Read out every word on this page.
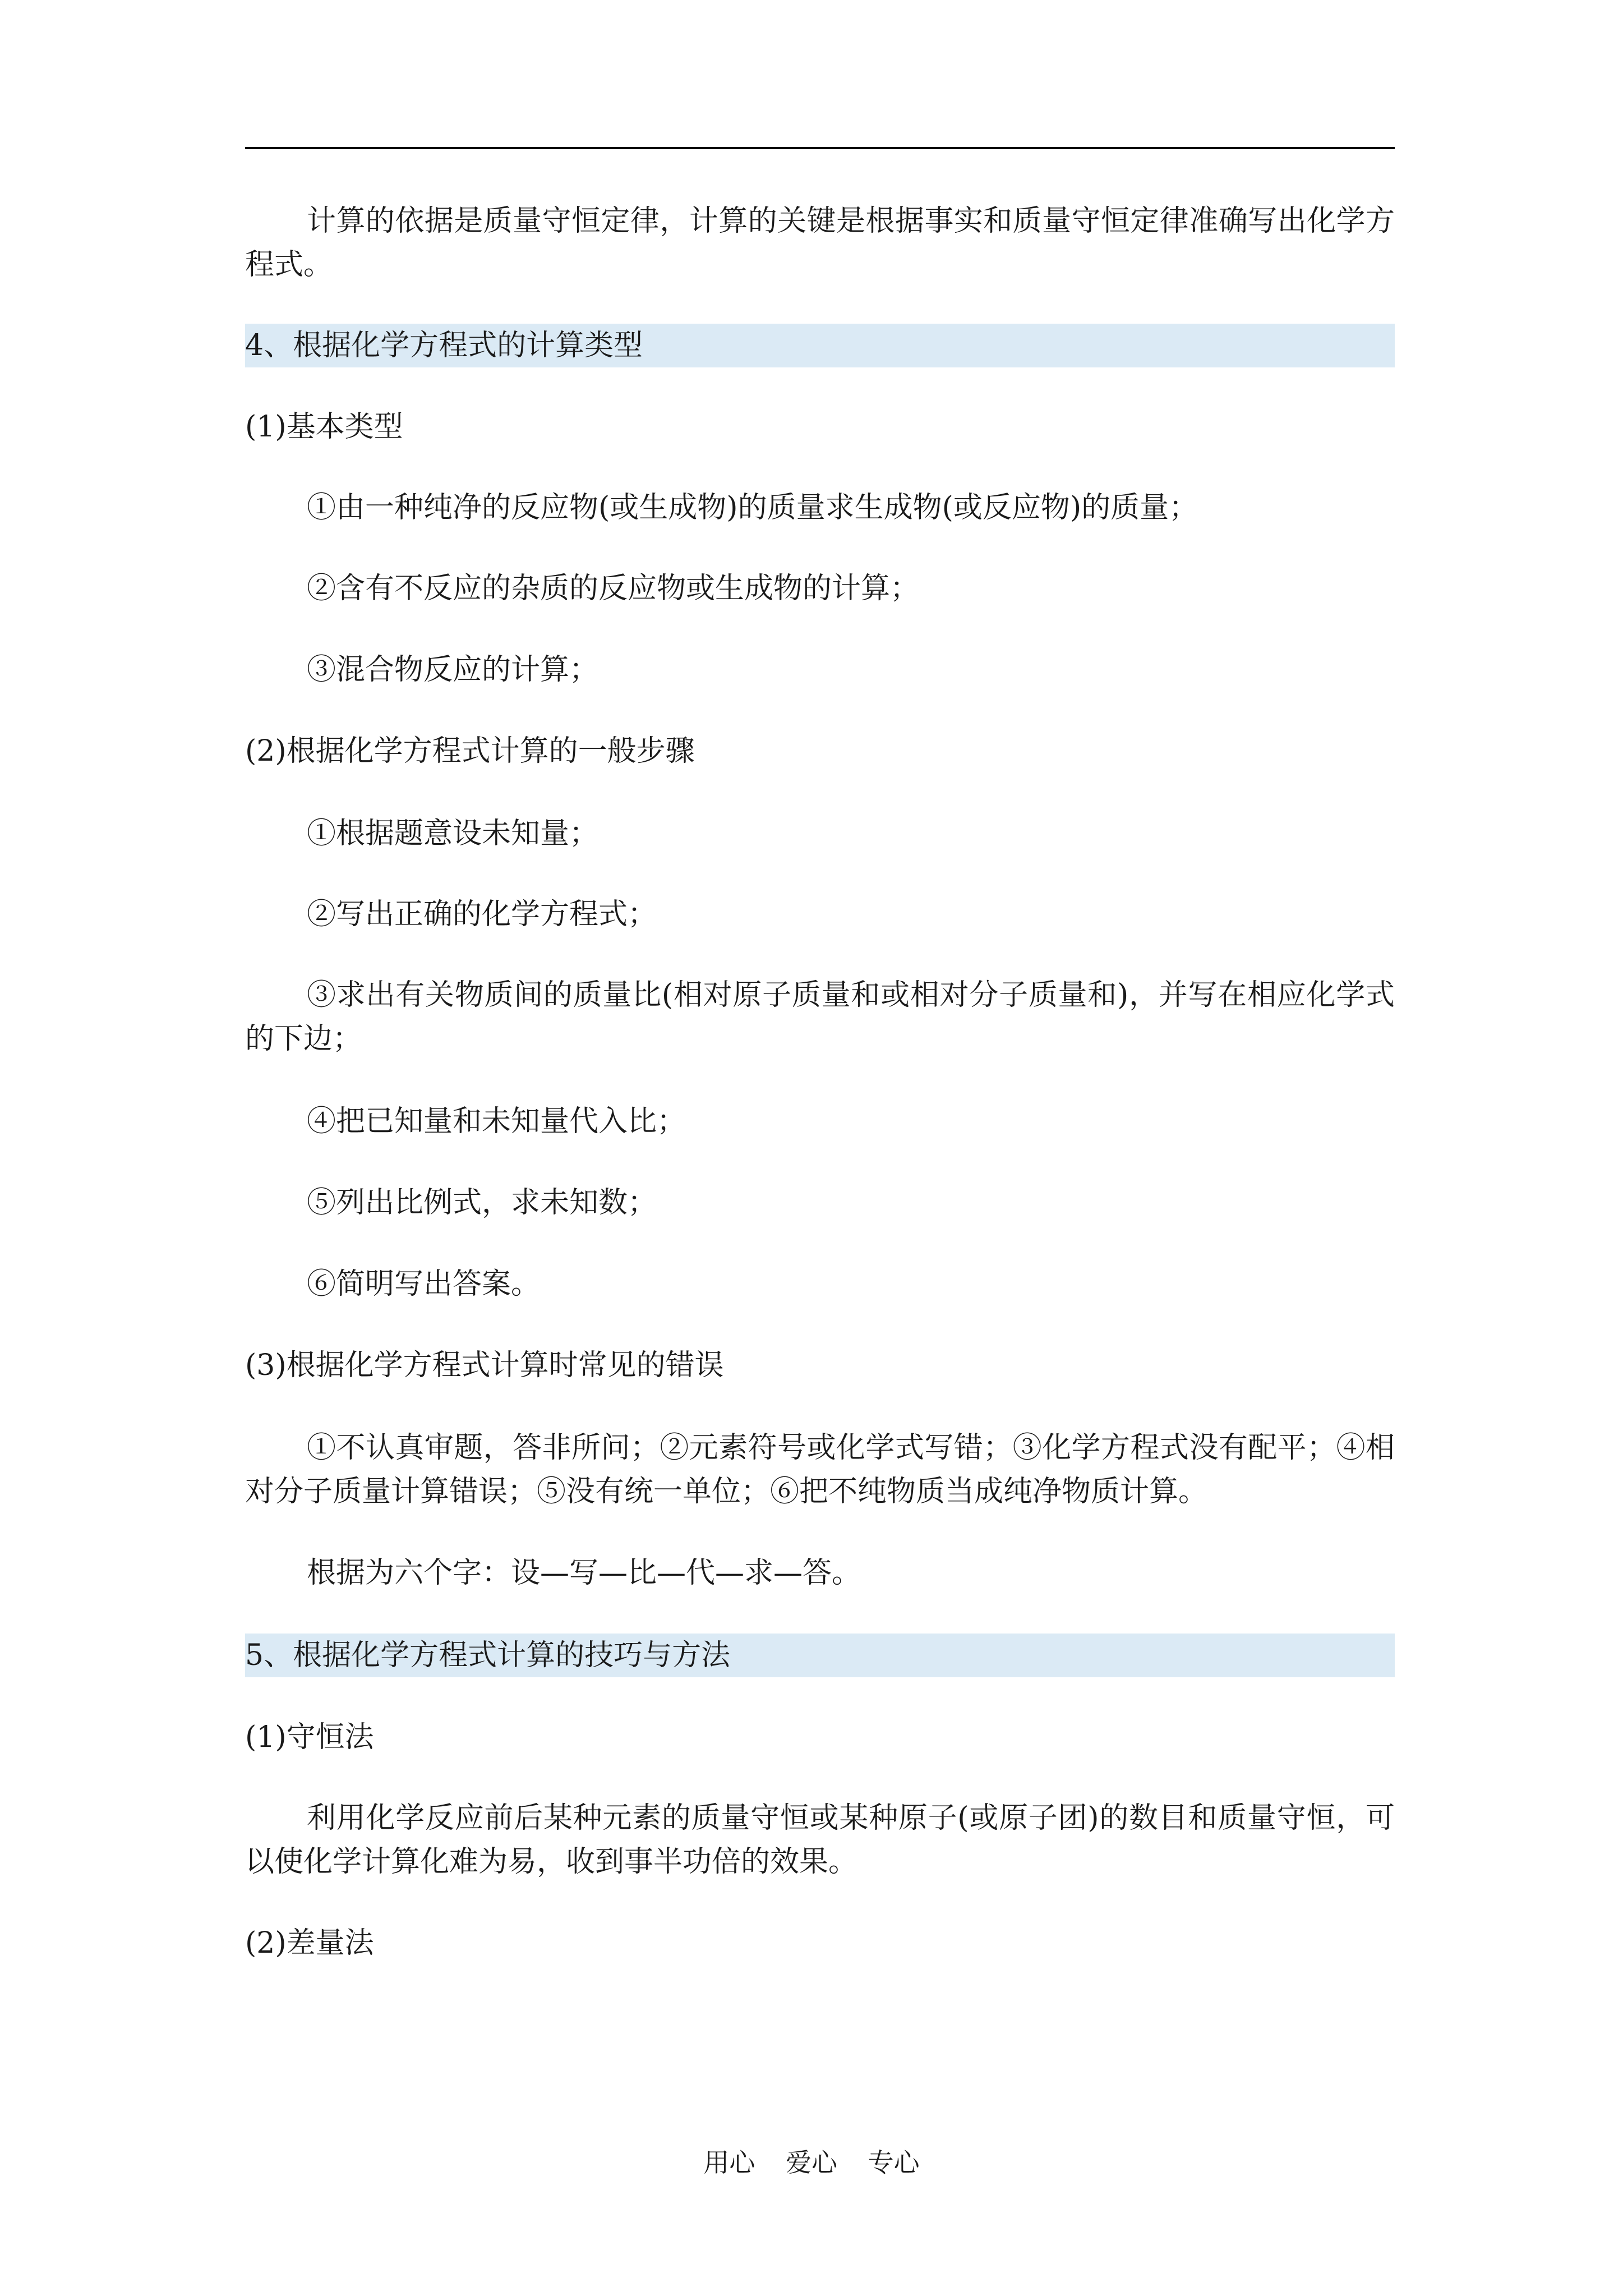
计算的依据是质量守恒定律，计算的关键是根据事实和质量守恒定律准确写出化学方程式。
4、根据化学方程式的计算类型
(1)基本类型
①由一种纯净的反应物(或生成物)的质量求生成物(或反应物)的质量；
②含有不反应的杂质的反应物或生成物的计算；
③混合物反应的计算；
(2)根据化学方程式计算的一般步骤
①根据题意设未知量；
②写出正确的化学方程式；
③求出有关物质间的质量比(相对原子质量和或相对分子质量和)，并写在相应化学式的下边；
④把已知量和未知量代入比；
⑤列出比例式，求未知数；
⑥简明写出答案。
(3)根据化学方程式计算时常见的错误
①不认真审题，答非所问；②元素符号或化学式写错；③化学方程式没有配平；④相对分子质量计算错误；⑤没有统一单位；⑥把不纯物质当成纯净物质计算。
根据为六个字：设—写—比—代—求—答。
5、根据化学方程式计算的技巧与方法
(1)守恒法
利用化学反应前后某种元素的质量守恒或某种原子(或原子团)的数目和质量守恒，可以使化学计算化难为易，收到事半功倍的效果。
(2)差量法
用心 爱心 专心
